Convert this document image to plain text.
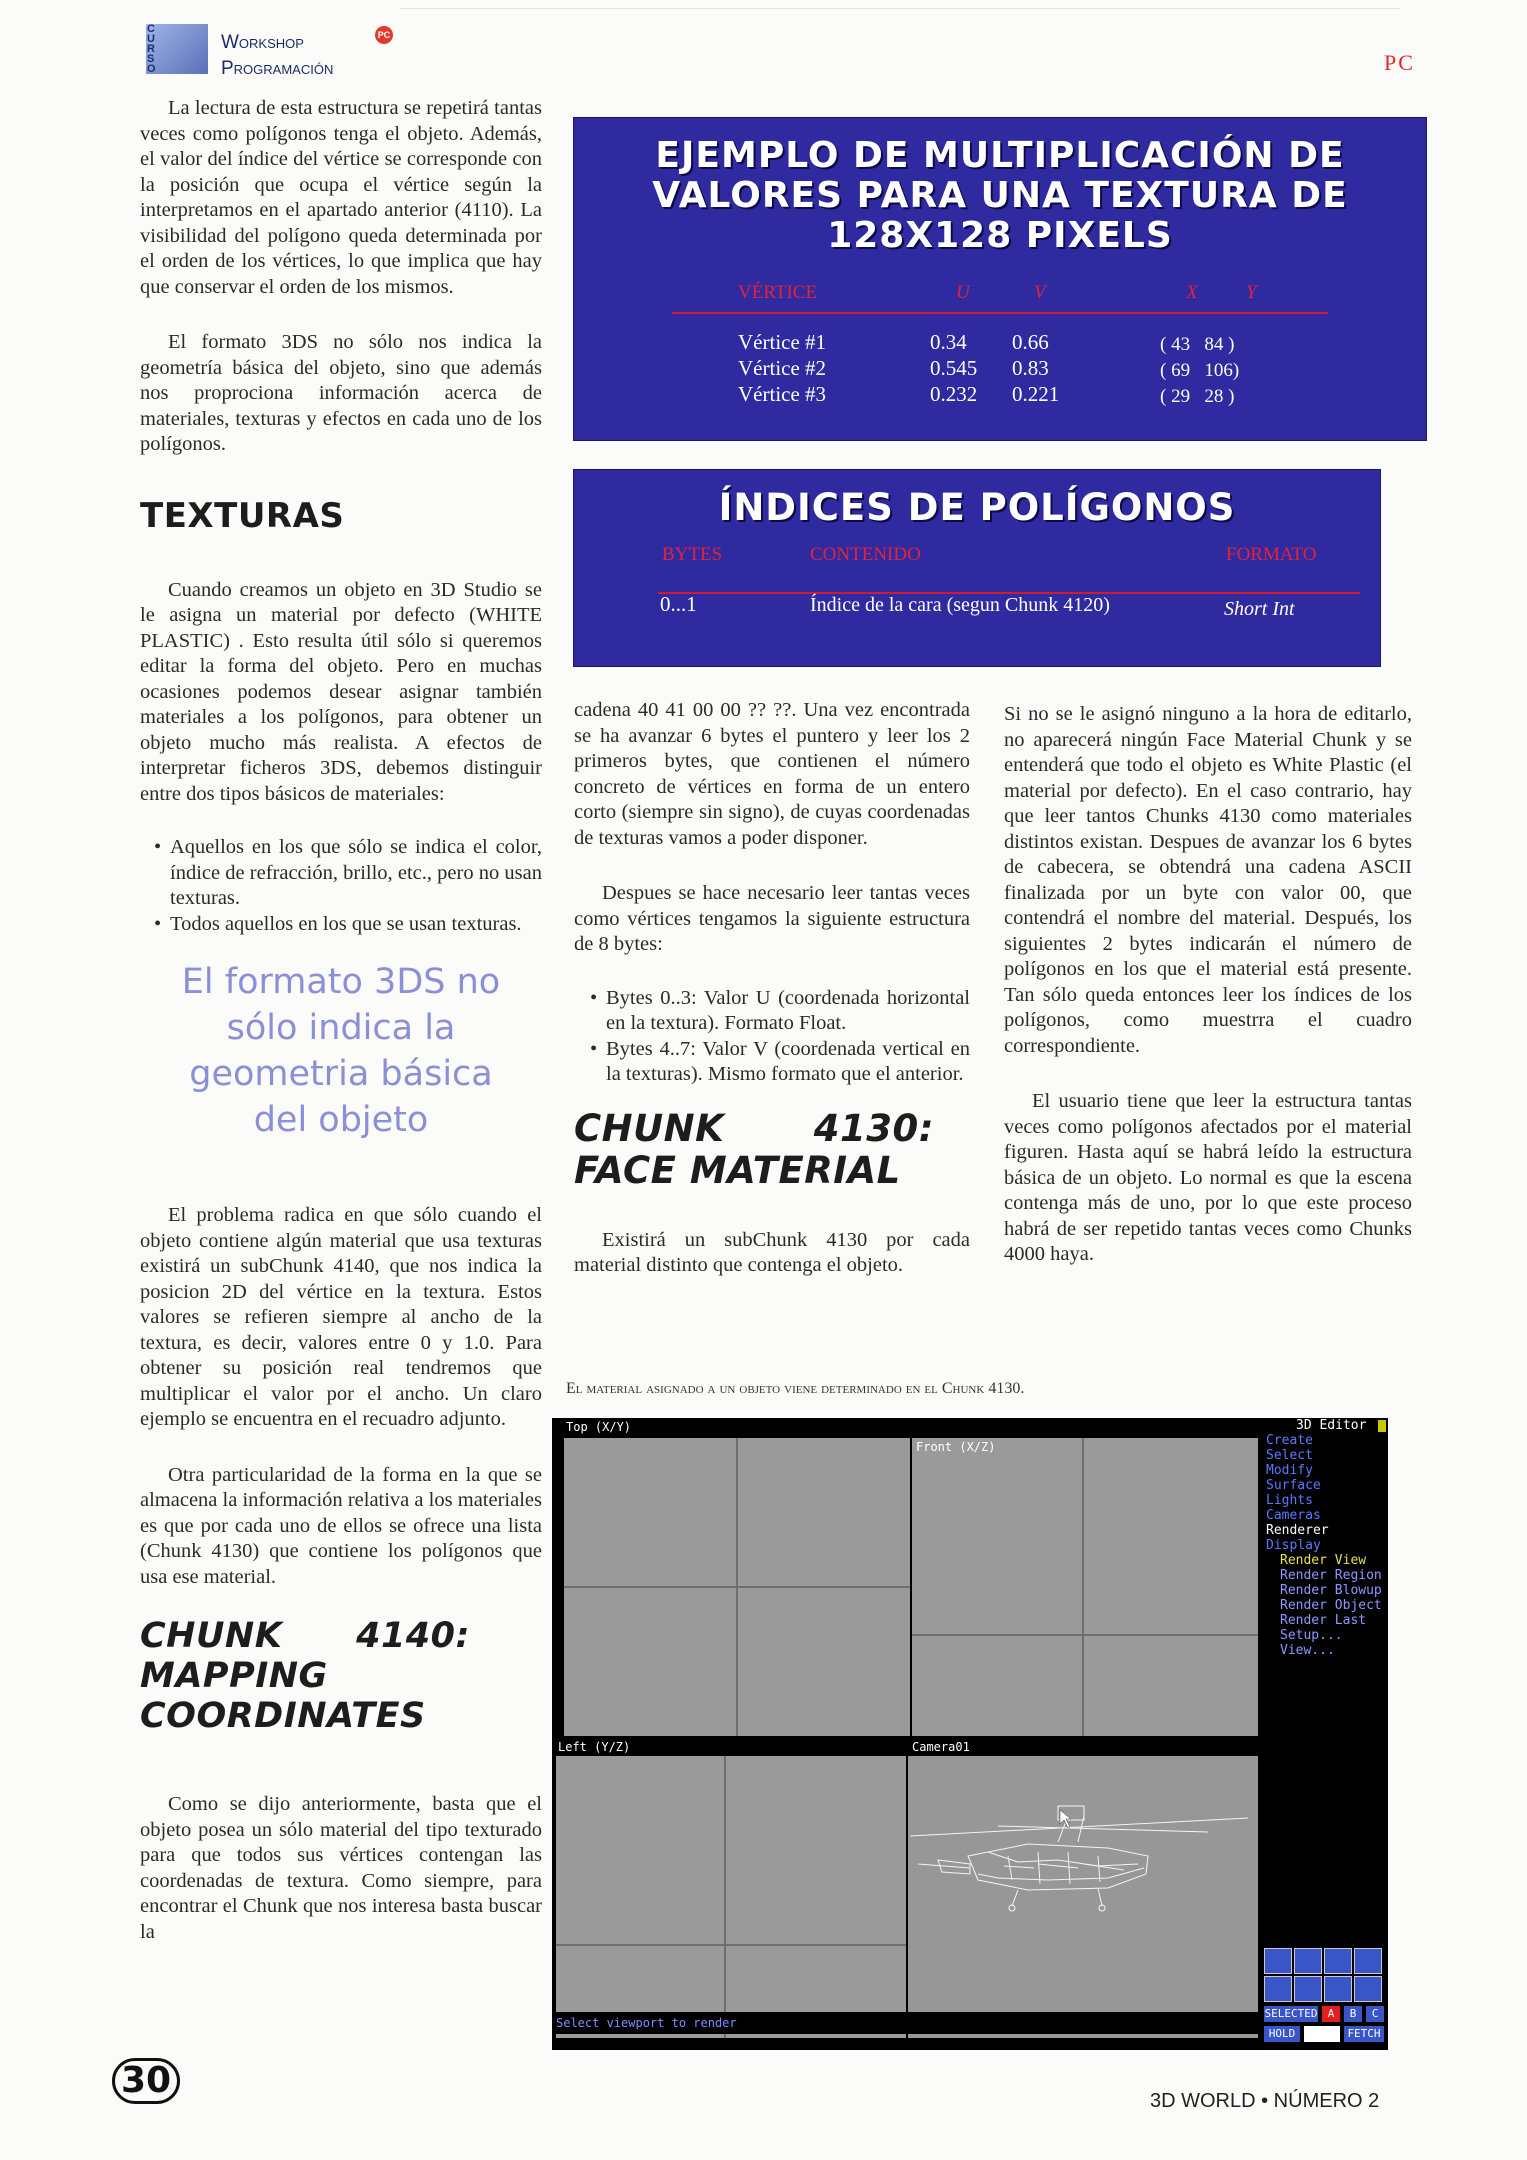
CURSO
Workshop
Programación
PC
PC

La lectura de esta estructura se repetirá tantas veces como polígonos tenga el objeto. Además, el valor del índice del vértice se corresponde con la posición que ocupa el vértice según la interpretamos en el apartado anterior (4110). La visibilidad del polígono queda determinada por el orden de los vértices, lo que implica que hay que conservar el orden de los mismos.

El formato 3DS no sólo nos indica la geometría básica del objeto, sino que además nos proprociona información acerca de materiales, texturas y efectos en cada uno de los polígonos.

TEXTURAS

Cuando creamos un objeto en 3D Studio se le asigna un material por defecto (WHITE PLASTIC) . Esto resulta útil sólo si queremos editar la forma del objeto. Pero en muchas ocasiones podemos desear asignar también materiales a los polígonos, para obtener un objeto mucho más realista. A efectos de interpretar ficheros 3DS, debemos distinguir entre dos tipos básicos de materiales:

• Aquellos en los que sólo se indica el color, índice de refracción, brillo, etc., pero no usan texturas.
• Todos aquellos en los que se usan texturas.
El formato 3DS no sólo indica la geometria básica del objeto

El problema radica en que sólo cuando el objeto contiene algún material que usa texturas existirá un subChunk 4140, que nos indica la posicion 2D del vértice en la textura. Estos valores se refieren siempre al ancho de la textura, es decir, valores entre 0 y 1.0. Para obtener su posición real tendremos que multiplicar el valor por el ancho. Un claro ejemplo se encuentra en el recuadro adjunto.

Otra particularidad de la forma en la que se almacena la información relativa a los materiales es que por cada uno de ellos se ofrece una lista (Chunk 4130) que contiene los polígonos que usa ese material.

CHUNK 4140: MAPPING COORDINATES

Como se dijo anteriormente, basta que el objeto posea un sólo material del tipo texturado para que todos sus vértices contengan las coordenadas de textura. Como siempre, para encontrar el Chunk que nos interesa basta buscar la

EJEMPLO DE MULTIPLICACIÓN DE VALORES PARA UNA TEXTURA DE 128X128 PIXELS
VÉRTICE	U	V	X	Y
Vértice #1	0.34 0.66	( 43   84 )
Vértice #2	0.545 0.83	( 69   106)
Vértice #3	0.232 0.221	( 29   28 )
ÍNDICES DE POLÍGONOS
BYTES	CONTENIDO	FORMATO
0...1	Índice de la cara (segun Chunk 4120)	Short Int

cadena 40 41 00 00 ?? ??. Una vez encontrada se ha avanzar 6 bytes el puntero y leer los 2 primeros bytes, que contienen el número concreto de vértices en forma de un entero corto (siempre sin signo), de cuyas coordenadas de texturas vamos a poder disponer.

Despues se hace necesario leer tantas veces como vértices tengamos la siguiente estructura de 8 bytes:

• Bytes 0..3: Valor U (coordenada horizontal en la textura). Formato Float.
• Bytes 4..7: Valor V (coordenada vertical en la texturas). Mismo formato que el anterior.
CHUNK 4130: FACE MATERIAL

Existirá un subChunk 4130 por cada material distinto que contenga el objeto.

Si no se le asignó ninguno a la hora de editarlo, no aparecerá ningún Face Material Chunk y se entenderá que todo el objeto es White Plastic (el material por defecto). En el caso contrario, hay que leer tantos Chunks 4130 como materiales distintos existan. Despues de avanzar los 6 bytes de cabecera, se obtendrá una cadena ASCII finalizada por un byte con valor 00, que contendrá el nombre del material. Después, los siguientes 2 bytes indicarán el número de polígonos en los que el material está presente. Tan sólo queda entonces leer los índices de los polígonos, como muestrra el cuadro correspondiente.

El usuario tiene que leer la estructura tantas veces como polígonos afectados por el material figuren. Hasta aquí se habrá leído la estructura básica de un objeto. Lo normal es que la escena contenga más de uno, por lo que este proceso habrá de ser repetido tantas veces como Chunks 4000 haya.

El material asignado a un objeto viene determinado en el Chunk 4130.
Top (X/Y)
Front (X/Z)
Left (Y/Z)	Camera01
3D Editor
Create
Select
Modify
Surface
Lights
Cameras
Renderer
Display
Render View
Render Region
Render Blowup
Render Object
Render Last
Setup...
View...
SELECTED A	B	C
HOLD	FETCH
Select viewport to render
30	3D WORLD • NÚMERO 2
